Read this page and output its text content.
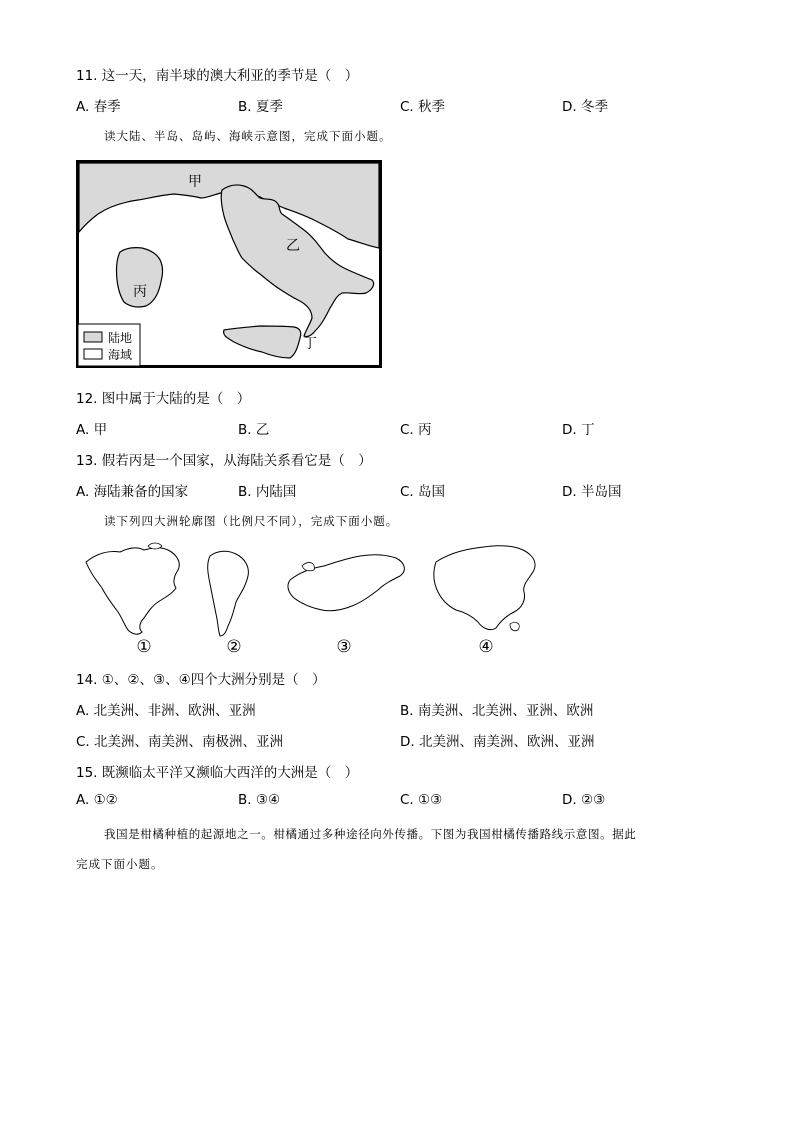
11. 这一天，南半球的澳大利亚的季节是（　）
A. 春季	B. 夏季	C. 秋季	D. 冬季
读大陆、半岛、岛屿、海峡示意图，完成下面小题。
甲
乙
丙
丁
陆地
海域
12. 图中属于大陆的是（　）
A. 甲	B. 乙	C. 丙	D. 丁
13. 假若丙是一个国家，从海陆关系看它是（　）
A. 海陆兼备的国家	B. 内陆国	C. 岛国	D. 半岛国
读下列四大洲轮廓图（比例尺不同），完成下面小题。
①	②	③	④
14. ①、②、③、④四个大洲分别是（　）
A. 北美洲、非洲、欧洲、亚洲	B. 南美洲、北美洲、亚洲、欧洲
C. 北美洲、南美洲、南极洲、亚洲	D. 北美洲、南美洲、欧洲、亚洲
15. 既濒临太平洋又濒临大西洋的大洲是（　）
A. ①②	B. ③④	C. ①③	D. ②③
我国是柑橘种植的起源地之一。柑橘通过多种途径向外传播。下图为我国柑橘传播路线示意图。据此
完成下面小题。
